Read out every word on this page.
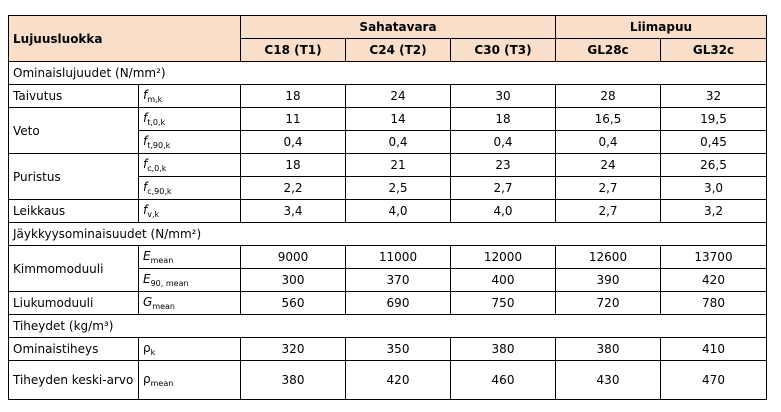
Lujuusluokka		Sahatavara			Liimapuu	
		C18 (T1)	C24 (T2)	C30 (T3)	GL28c	GL32c
Ominaislujuudet (N/mm²)						
Taivutus	$f_{m,k}$	18	24	30	28	32
Veto	$f_{t,0,k}$	11	14	18	16,5	19,5
	$f_{t,90,k}$	0,4	0,4	0,4	0,4	0,45
Puristus	$f_{c,0,k}$	18	21	23	24	26,5
	$f_{c,90,k}$	2,2	2,5	2,7	2,7	3,0
Leikkaus	$f_{v,k}$	3,4	4,0	4,0	2,7	3,2
Jäykkyysominaisuudet (N/mm²)						
Kimmomoduuli	$E_{mean}$	9000	11000	12000	12600	13700
	$E_{90, mean}$	300	370	400	390	420
Liukumoduuli	$G_{mean}$	560	690	750	720	780
Tiheydet (kg/m³)						
Ominaistiheys	$\rho_k$	320	350	380	380	410
Tiheyden keski-arvo	$\rho_{mean}$	380	420	460	430	470
